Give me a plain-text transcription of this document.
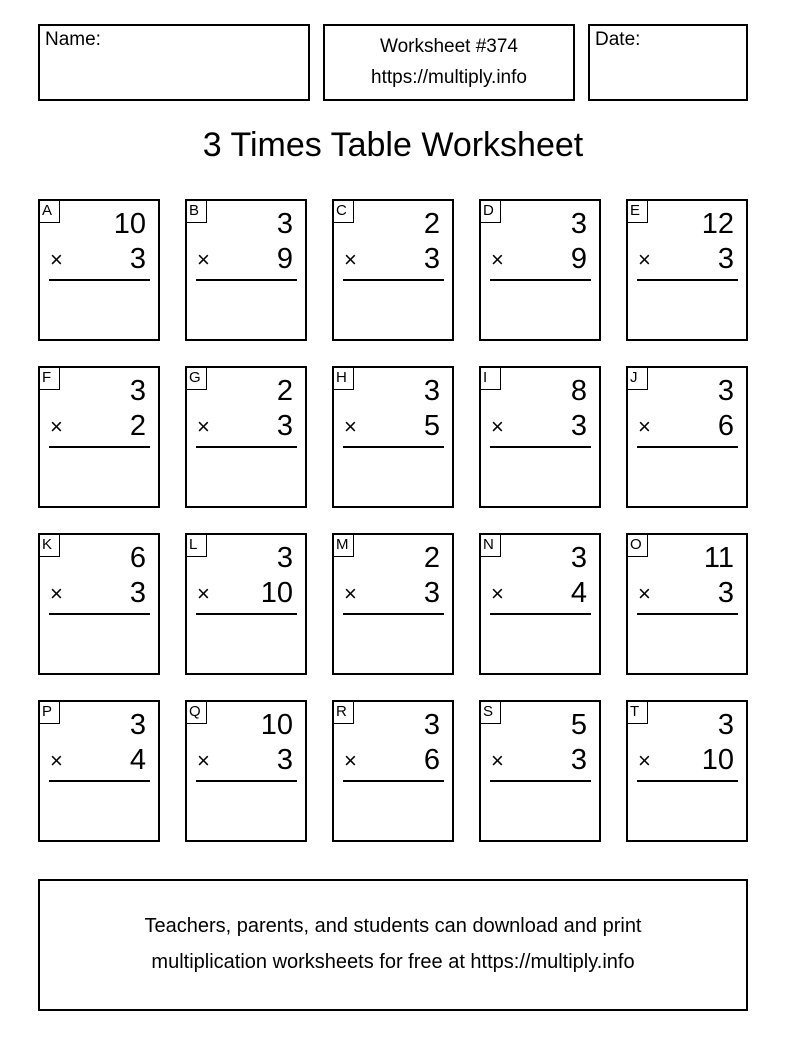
Name:	Worksheet #374
https://multiply.info
Date:
3 Times Table Worksheet
A 10
× 3
B	3
× 9
C	2
× 3
D	3
× 9
E 12
× 3
F	3
× 2
G	2
× 3
H	3
× 5
I	8
× 3
J	3
× 6
K	6
× 3
L	3
× 10
M	2
× 3
N	3
× 4
O 11
× 3
P	3
× 4
Q 10
× 3
R	3
× 6
S	5
× 3
T	3
× 10
Teachers, parents, and students can download and print
multiplication worksheets for free at https://multiply.info
